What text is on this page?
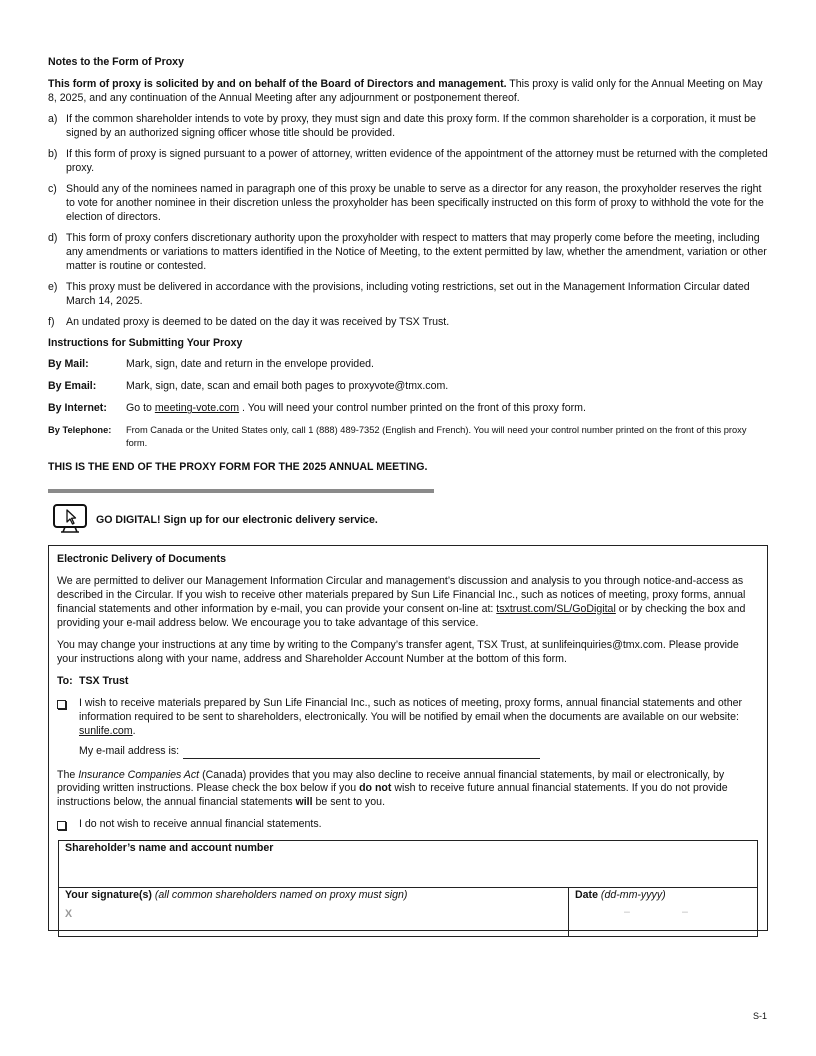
Notes to the Form of Proxy

This form of proxy is solicited by and on behalf of the Board of Directors and management. This proxy is valid only for the Annual Meeting on May 8, 2025, and any continuation of the Annual Meeting after any adjournment or postponement thereof.

a) If the common shareholder intends to vote by proxy, they must sign and date this proxy form. If the common shareholder is a corporation, it must be signed by an authorized signing officer whose title should be provided.
b) If this form of proxy is signed pursuant to a power of attorney, written evidence of the appointment of the attorney must be returned with the completed proxy.
c) Should any of the nominees named in paragraph one of this proxy be unable to serve as a director for any reason, the proxyholder reserves the right to vote for another nominee in their discretion unless the proxyholder has been specifically instructed on this form of proxy to withhold the vote for the election of directors.
d) This form of proxy confers discretionary authority upon the proxyholder with respect to matters that may properly come before the meeting, including any amendments or variations to matters identified in the Notice of Meeting, to the extent permitted by law, whether the amendment, variation or other matter is routine or contested.
e) This proxy must be delivered in accordance with the provisions, including voting restrictions, set out in the Management Information Circular dated March 14, 2025.
f)	An undated proxy is deemed to be dated on the day it was received by TSX Trust.

Instructions for Submitting Your Proxy

By Mail:	Mark, sign, date and return in the envelope provided.
By Email:	Mark, sign, date, scan and email both pages to proxyvote@tmx.com.
By Internet:	Go to meeting-vote.com . You will need your control number printed on the front of this proxy form.
By Telephone:	From Canada or the United States only, call 1 (888) 489-7352 (English and French). You will need your control number printed on the front of this proxy form.

THIS IS THE END OF THE PROXY FORM FOR THE 2025 ANNUAL MEETING.

GO DIGITAL! Sign up for our electronic delivery service.

Electronic Delivery of Documents

We are permitted to deliver our Management Information Circular and management’s discussion and analysis to you through notice-and-access as described in the Circular. If you wish to receive other materials prepared by Sun Life Financial Inc., such as notices of meeting, proxy forms, annual financial statements and other information by e-mail, you can provide your consent on-line at: tsxtrust.com/SL/GoDigital or by checking the box and providing your e-mail address below. We encourage you to take advantage of this service.

You may change your instructions at any time by writing to the Company’s transfer agent, TSX Trust, at sunlifeinquiries@tmx.com. Please provide your instructions along with your name, address and Shareholder Account Number at the bottom of this form.

To: TSX Trust
I wish to receive materials prepared by Sun Life Financial Inc., such as notices of meeting, proxy forms, annual financial statements and other information required to be sent to shareholders, electronically. You will be notified by email when the documents are available on our website: sunlife.com.
My e-mail address is:

The Insurance Companies Act (Canada) provides that you may also decline to receive annual financial statements, by mail or electronically, by providing written instructions. Please check the box below if you do not wish to receive future annual financial statements. If you do not provide instructions below, the annual financial statements will be sent to you.

I do not wish to receive annual financial statements.
Shareholder’s name and account number
Your signature(s) (all common shareholders named on proxy must sign)
X
Date (dd-mm-yyyy)
–	–
S-1
